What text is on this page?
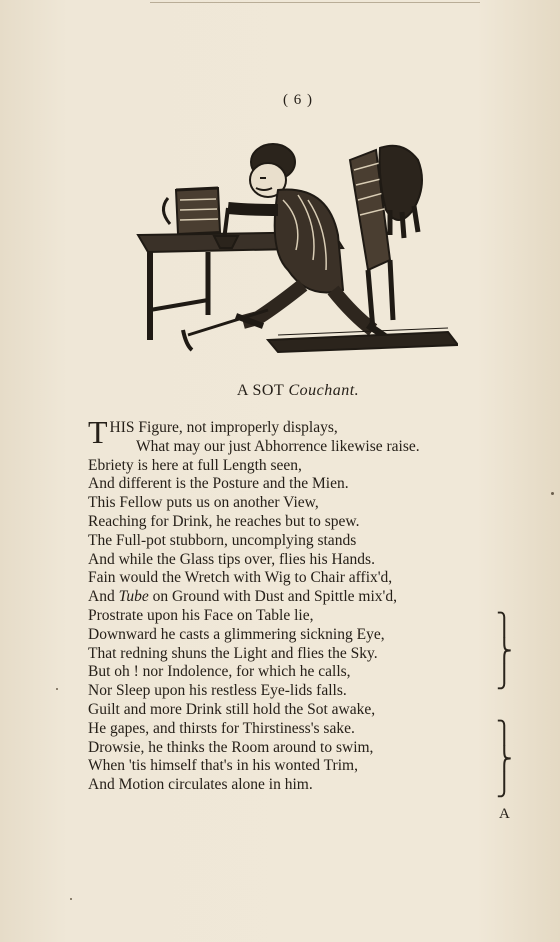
( 6 )
A SOT Couchant.
THIS Figure, not improperly displays,
What may our just Abhorrence likewise raise.
Ebriety is here at full Length seen,
And different is the Posture and the Mien.
This Fellow puts us on another View,
Reaching for Drink, he reaches but to spew.
The Full-pot stubborn, uncomplying stands
And while the Glass tips over, flies his Hands.
Fain would the Wretch with Wig to Chair affix'd,
And Tube on Ground with Dust and Spittle mix'd,
Prostrate upon his Face on Table lie,
Downward he casts a glimmering sickning Eye,
That redning shuns the Light and flies the Sky.
But oh ! nor Indolence, for which he calls,
Nor Sleep upon his restless Eye-lids falls.
Guilt and more Drink still hold the Sot awake,
He gapes, and thirsts for Thirstiness's sake.
Drowsie, he thinks the Room around to swim,
When 'tis himself that's in his wonted Trim,
And Motion circulates alone in him.
⎫
⎬
⎭
⎫
⎬
⎭
A
